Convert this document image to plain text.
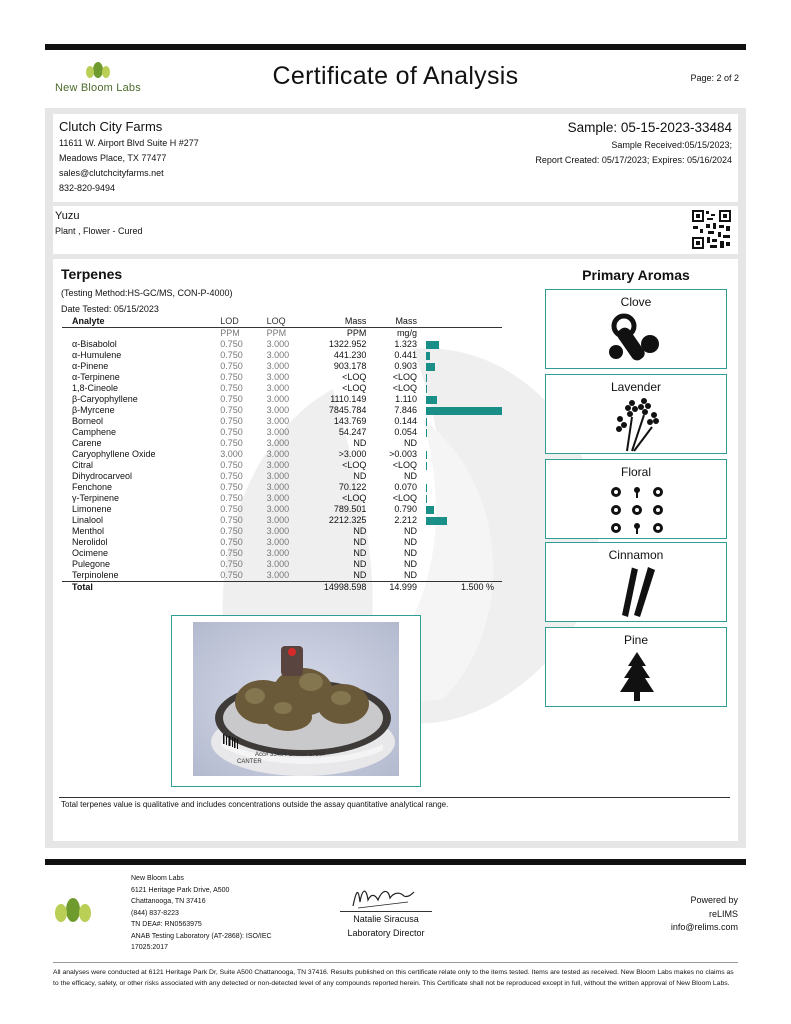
New Bloom Labs	Certificate of Analysis	Page: 2 of 2
Clutch City Farms
11611 W. Airport Blvd Suite H #277
Meadows Place, TX 77477
sales@clutchcityfarms.net
832-820-9494
Sample: 05-15-2023-33484
Sample Received:05/15/2023;
Report Created: 05/17/2023; Expires: 05/16/2024
Yuzu
Plant , Flower - Cured
Terpenes
(Testing Method:HS-GC/MS, CON-P-4000)
Date Tested: 05/15/2023
Analyte	LOD	LOQ	Mass	Mass	
	PPM	PPM	PPM	mg/g	
α-Bisabolol	0.750	3.000	1322.952	1.323	
α-Humulene	0.750	3.000	441.230	0.441	
α-Pinene	0.750	3.000	903.178	0.903	
α-Terpinene	0.750	3.000	<LOQ	<LOQ	
1,8-Cineole	0.750	3.000	<LOQ	<LOQ	
β-Caryophyllene	0.750	3.000	1110.149	1.110	
β-Myrcene	0.750	3.000	7845.784	7.846	
Borneol	0.750	3.000	143.769	0.144	
Camphene	0.750	3.000	54.247	0.054	
Carene	0.750	3.000	ND	ND	
Caryophyllene Oxide	3.000	3.000	>3.000	>0.003	
Citral	0.750	3.000	<LOQ	<LOQ	
Dihydrocarveol	0.750	3.000	ND	ND	
Fenchone	0.750	3.000	70.122	0.070	
γ-Terpinene	0.750	3.000	<LOQ	<LOQ	
Limonene	0.750	3.000	789.501	0.790	
Linalool	0.750	3.000	2212.325	2.212	
Menthol	0.750	3.000	ND	ND	
Nerolidol	0.750	3.000	ND	ND	
Ocimene	0.750	3.000	ND	ND	
Pulegone	0.750	3.000	ND	ND	
Terpinolene	0.750	3.000	ND	ND	
Total			14998.598	14.999	1.500 %
Primary Aromas
Clove
Lavender
Floral
Cinnamon
Pine
Acc# 33484 Order# 1780#
CANTER
Total terpenes value is qualitative and includes concentrations outside the assay quantitative analytical range.
New Bloom Labs
6121 Heritage Park Drive, A500
Chattanooga, TN 37416
(844) 837-8223
TN DEA#: RN0563975
ANAB Testing Laboratory (AT-2868): ISO/IEC
17025:2017
Natalie Siracusa
Laboratory Director
Powered by
reLIMS
info@relims.com
All analyses were conducted at 6121 Heritage Park Dr, Suite A500 Chattanooga, TN 37416. Results published on this certificate relate only to the items tested. Items are tested as received. New Bloom Labs makes no claims as to the efficacy, safety, or other risks associated with any detected or non-detected level of any compounds reported herein. This Certificate shall not be reproduced except in full, without the written approval of New Bloom Labs.
